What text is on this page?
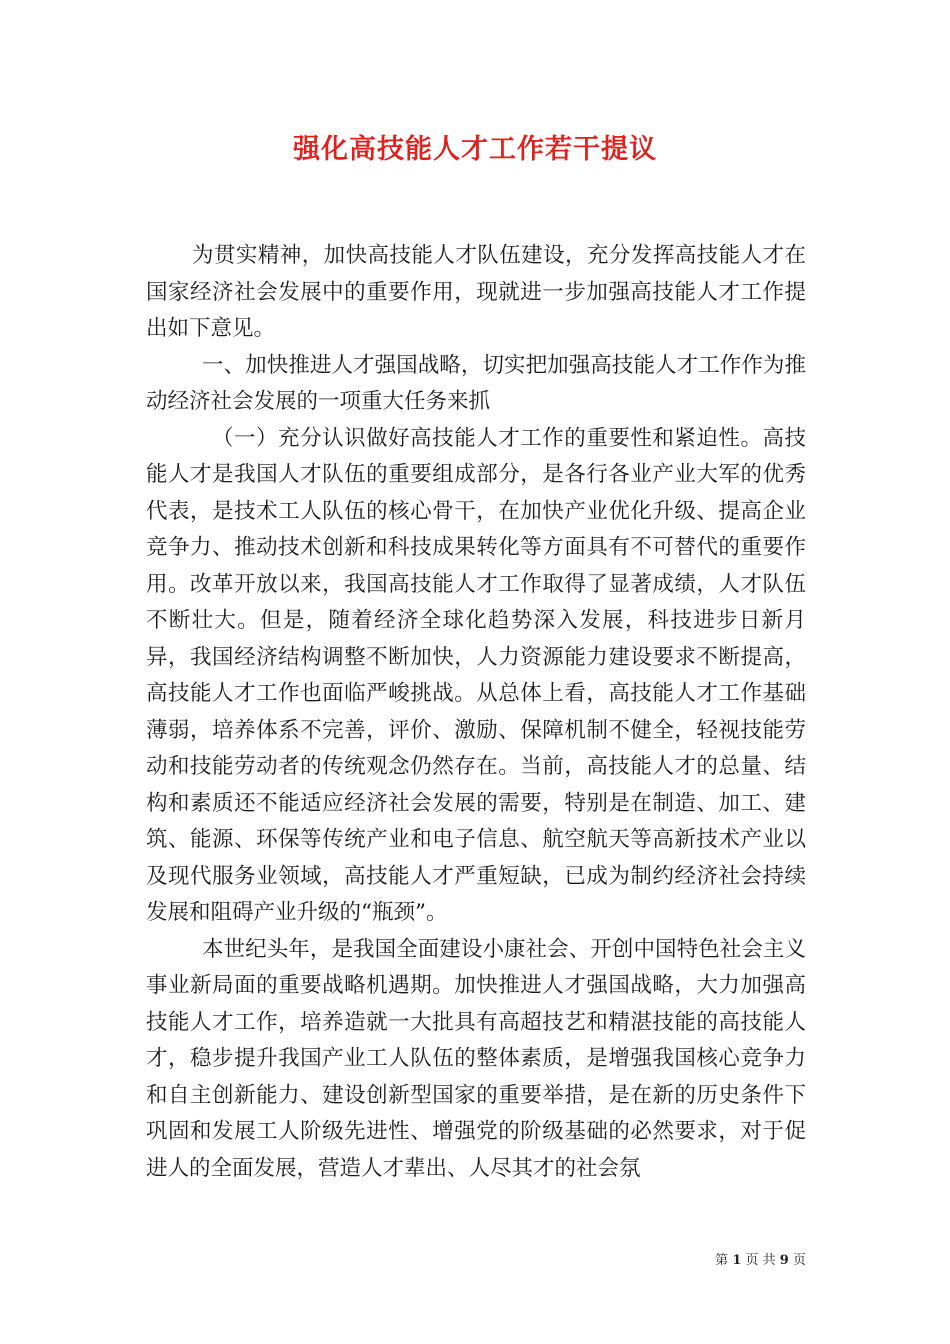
强化高技能人才工作若干提议

为贯实精神，加快高技能人才队伍建设，充分发挥高技能人才在国家经济社会发展中的重要作用，现就进一步加强高技能人才工作提出如下意见。

一、加快推进人才强国战略，切实把加强高技能人才工作作为推动经济社会发展的一项重大任务来抓

（一）充分认识做好高技能人才工作的重要性和紧迫性。高技能人才是我国人才队伍的重要组成部分，是各行各业产业大军的优秀代表，是技术工人队伍的核心骨干，在加快产业优化升级、提高企业竞争力、推动技术创新和科技成果转化等方面具有不可替代的重要作用。改革开放以来，我国高技能人才工作取得了显著成绩，人才队伍不断壮大。但是，随着经济全球化趋势深入发展，科技进步日新月异，我国经济结构调整不断加快，人力资源能力建设要求不断提高，高技能人才工作也面临严峻挑战。从总体上看，高技能人才工作基础薄弱，培养体系不完善，评价、激励、保障机制不健全，轻视技能劳动和技能劳动者的传统观念仍然存在。当前，高技能人才的总量、结构和素质还不能适应经济社会发展的需要，特别是在制造、加工、建筑、能源、环保等传统产业和电子信息、航空航天等高新技术产业以及现代服务业领域，高技能人才严重短缺，已成为制约经济社会持续发展和阻碍产业升级的“瓶颈”。

本世纪头年，是我国全面建设小康社会、开创中国特色社会主义事业新局面的重要战略机遇期。加快推进人才强国战略，大力加强高技能人才工作，培养造就一大批具有高超技艺和精湛技能的高技能人才，稳步提升我国产业工人队伍的整体素质，是增强我国核心竞争力和自主创新能力、建设创新型国家的重要举措，是在新的历史条件下巩固和发展工人阶级先进性、增强党的阶级基础的必然要求，对于促进人的全面发展，营造人才辈出、人尽其才的社会氛

第 1 页 共 9 页
